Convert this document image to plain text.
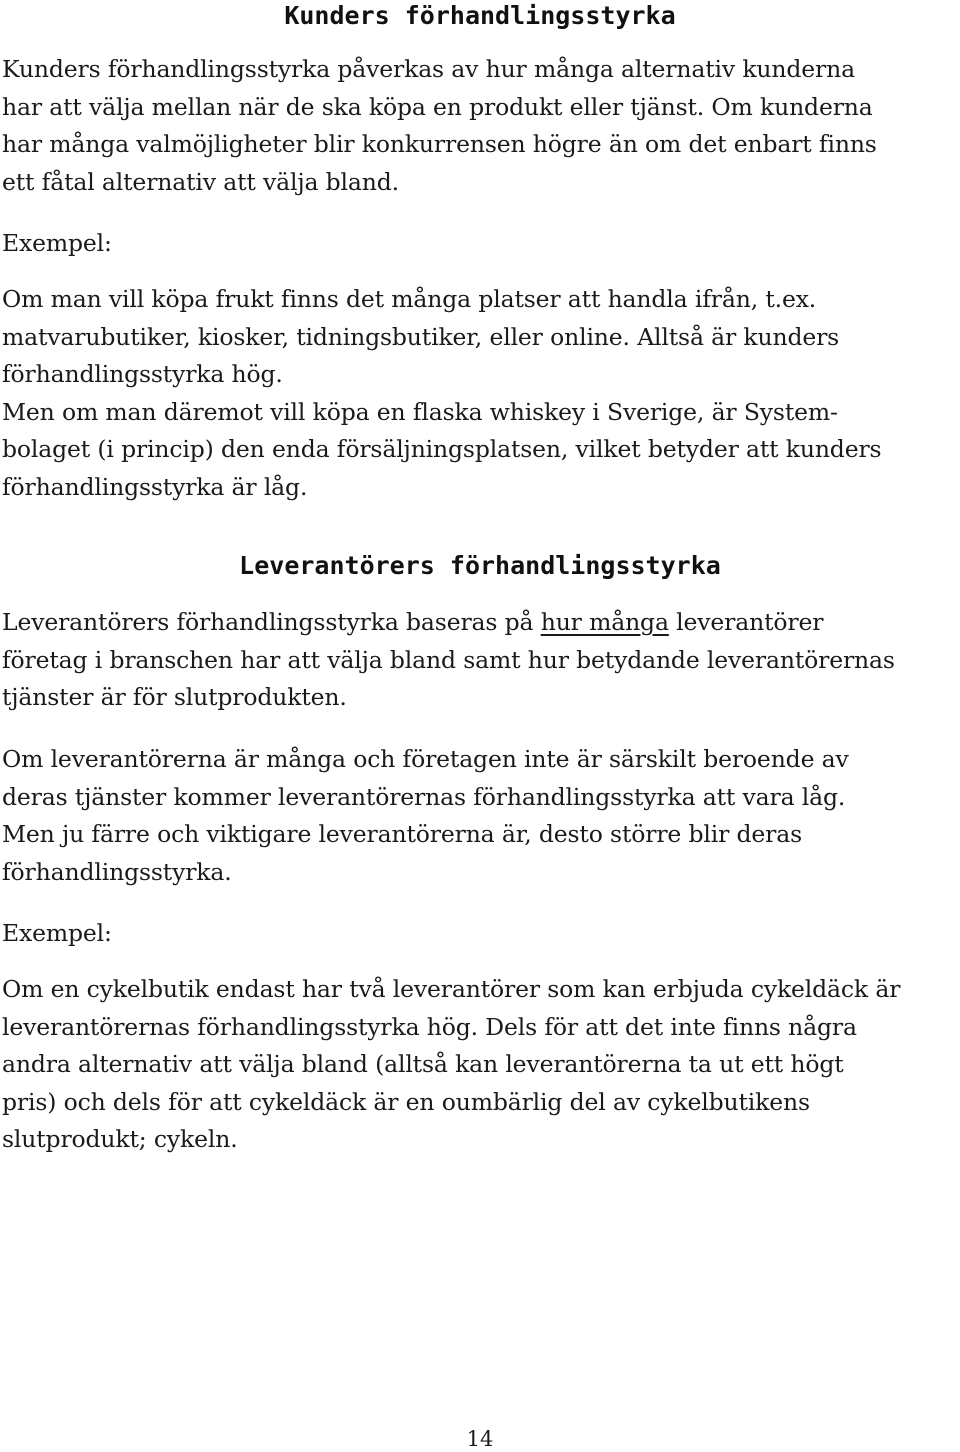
Kunders förhandlingsstyrka

Kunders förhandlingsstyrka påverkas av hur många alternativ kunderna
har att välja mellan när de ska köpa en produkt eller tjänst. Om kunderna
har många valmöjligheter blir konkurrensen högre än om det enbart finns
ett fåtal alternativ att välja bland.

Exempel:

Om man vill köpa frukt finns det många platser att handla ifrån, t.ex.
matvarubutiker, kiosker, tidningsbutiker, eller online. Alltså är kunders
förhandlingsstyrka hög.
Men om man däremot vill köpa en flaska whiskey i Sverige, är System-
bolaget (i princip) den enda försäljningsplatsen, vilket betyder att kunders
förhandlingsstyrka är låg.

Leverantörers förhandlingsstyrka

Leverantörers förhandlingsstyrka baseras på hur många leverantörer
företag i branschen har att välja bland samt hur betydande leverantörernas
tjänster är för slutprodukten.

Om leverantörerna är många och företagen inte är särskilt beroende av
deras tjänster kommer leverantörernas förhandlingsstyrka att vara låg.
Men ju färre och viktigare leverantörerna är, desto större blir deras
förhandlingsstyrka.

Exempel:

Om en cykelbutik endast har två leverantörer som kan erbjuda cykeldäck är
leverantörernas förhandlingsstyrka hög. Dels för att det inte finns några
andra alternativ att välja bland (alltså kan leverantörerna ta ut ett högt
pris) och dels för att cykeldäck är en oumbärlig del av cykelbutikens
slutprodukt; cykeln.

14
